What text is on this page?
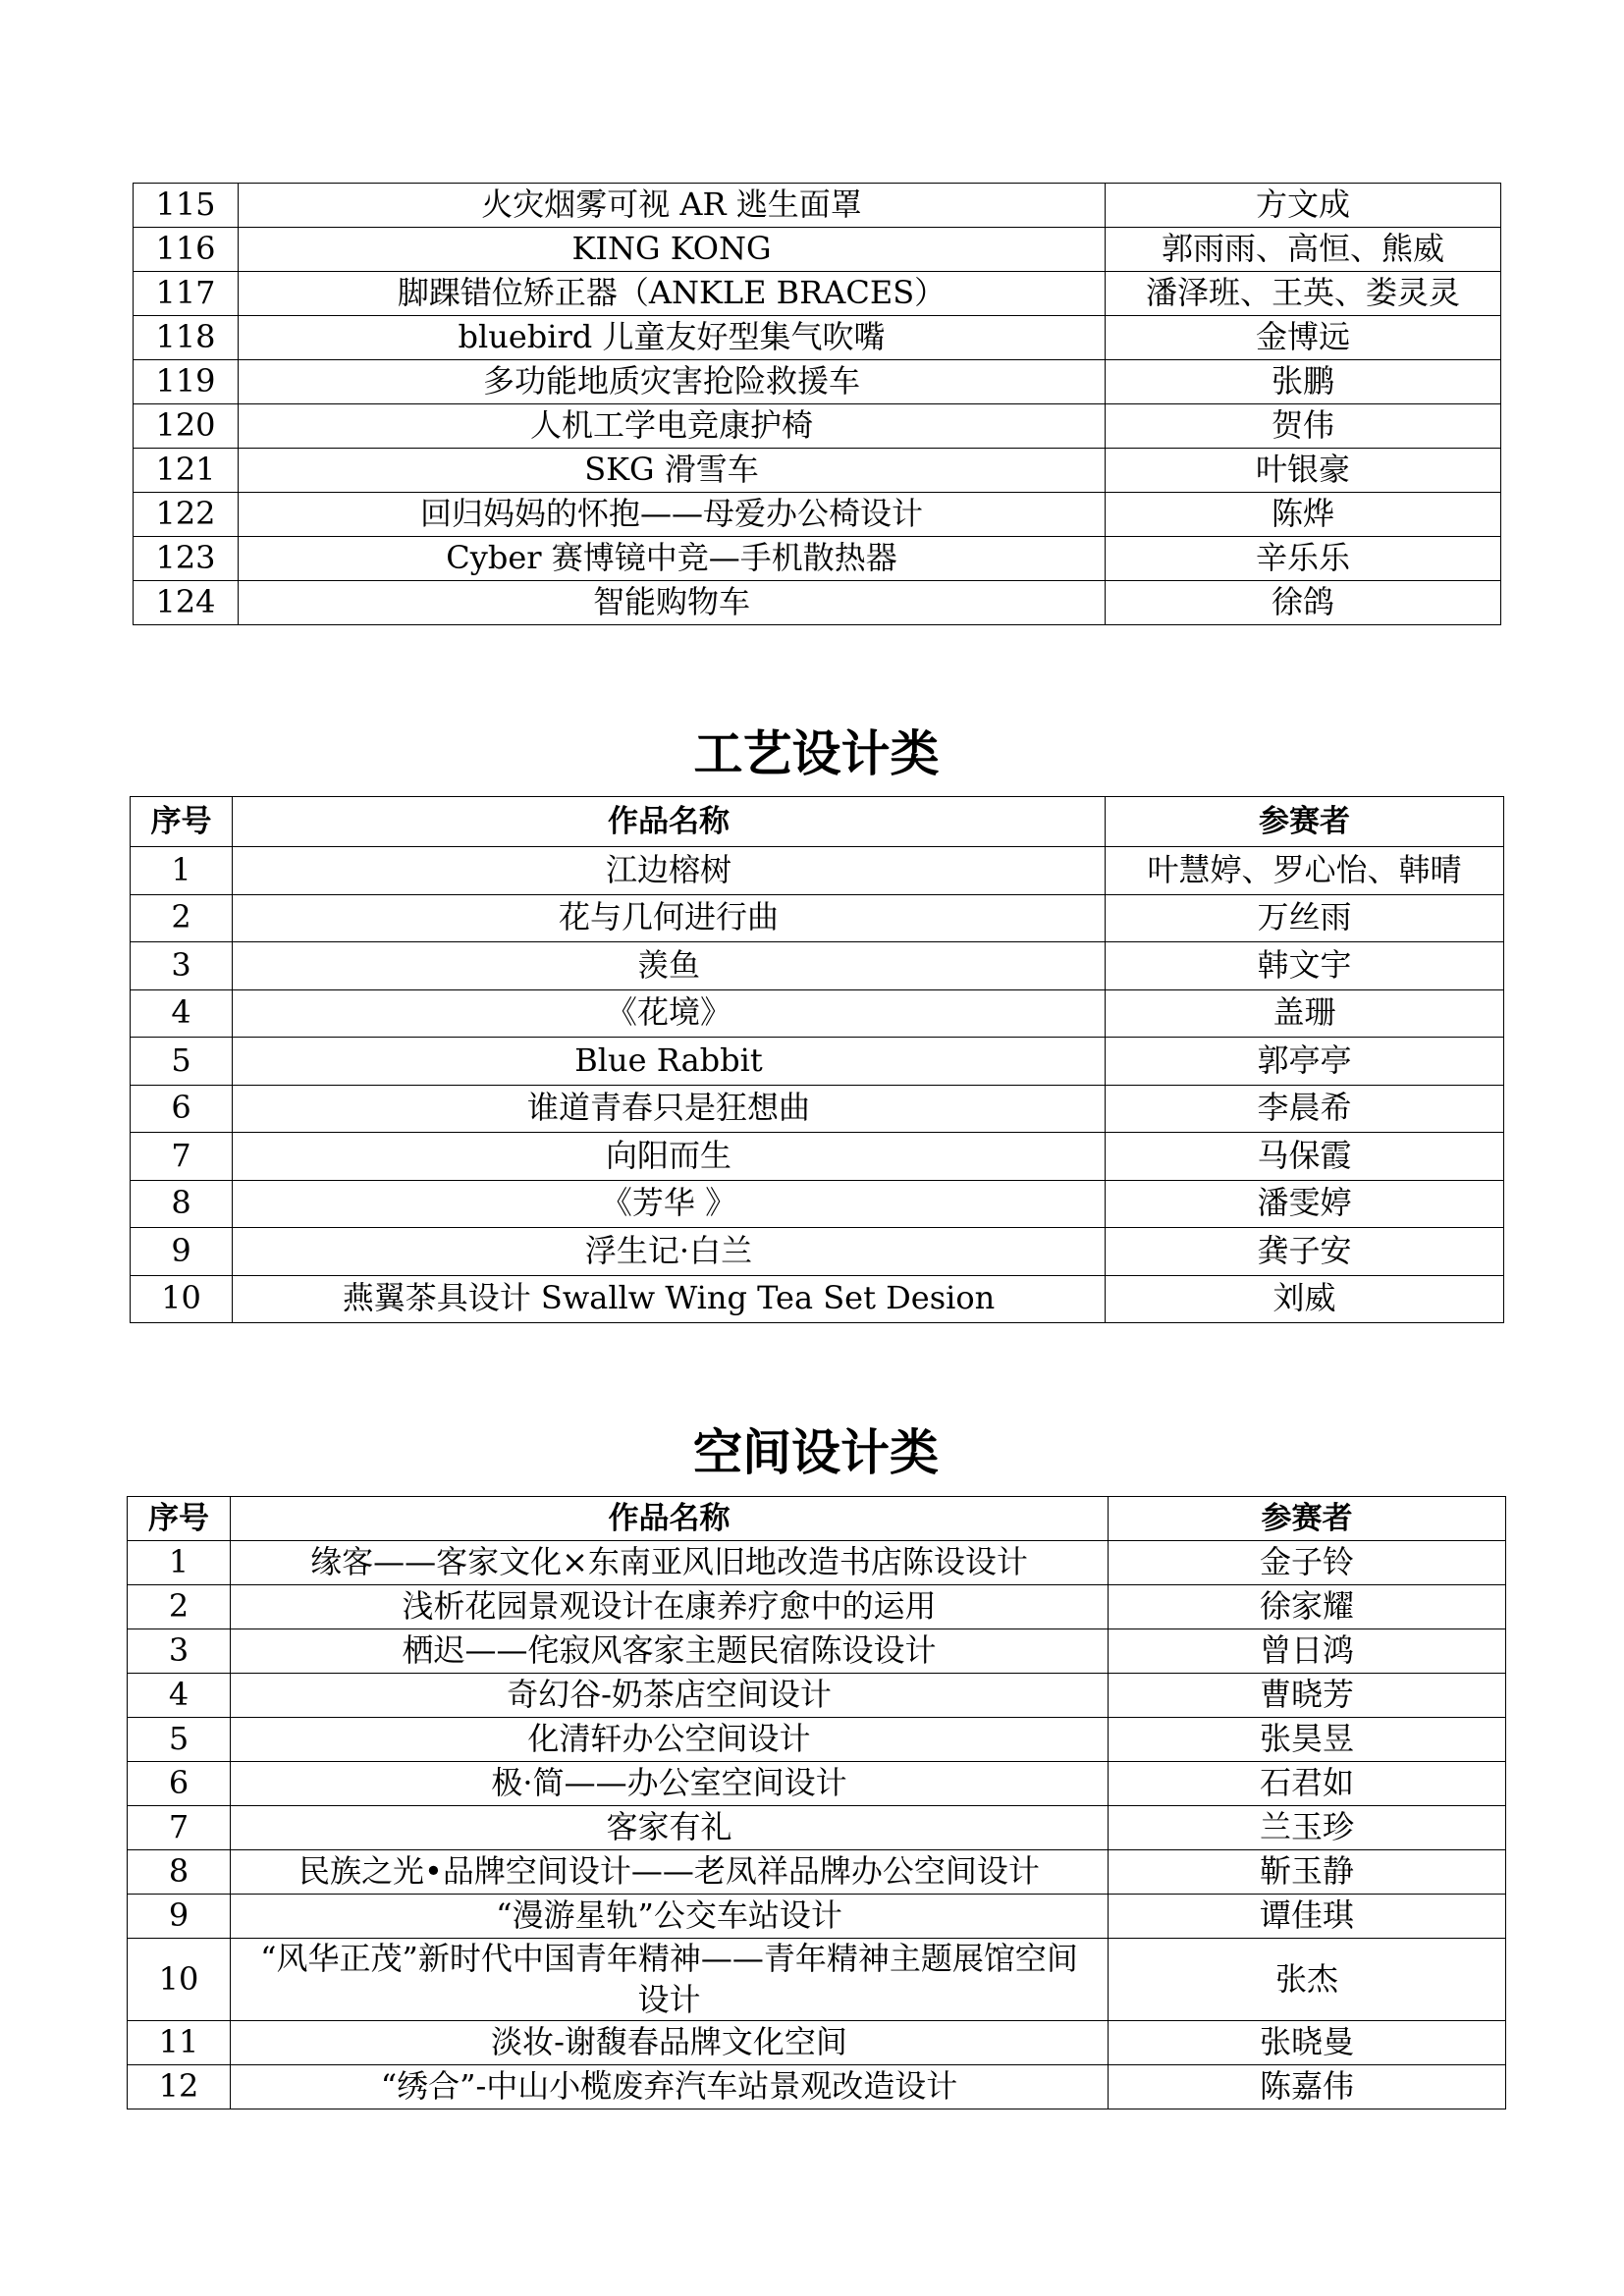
115	火灾烟雾可视 AR 逃生面罩	方文成
116	KING KONG	郭雨雨、高恒、熊威
117	脚踝错位矫正器（ANKLE BRACES）	潘泽班、王英、娄灵灵
118	bluebird 儿童友好型集气吹嘴	金博远
119	多功能地质灾害抢险救援车	张鹏
120	人机工学电竞康护椅	贺伟
121	SKG 滑雪车	叶银豪
122	回归妈妈的怀抱——母爱办公椅设计	陈烨
123	Cyber 赛博镜中竞—手机散热器	辛乐乐
124	智能购物车	徐鸽
工艺设计类
序号	作品名称	参赛者
1	江边榕树	叶慧婷、罗心怡、韩晴
2	花与几何进行曲	万丝雨
3	羡鱼	韩文宇
4	《花境》	盖珊
5	Blue Rabbit	郭亭亭
6	谁道青春只是狂想曲	李晨希
7	向阳而生	马保霞
8	《芳华 》	潘雯婷
9	浮生记·白兰	龚子安
10	燕翼茶具设计 Swallw Wing Tea Set Desion	刘威
空间设计类
序号	作品名称	参赛者
1	缘客——客家文化×东南亚风旧地改造书店陈设设计	金子铃
2	浅析花园景观设计在康养疗愈中的运用	徐家耀
3	栖迟——侘寂风客家主题民宿陈设设计	曾日鸿
4	奇幻谷-奶茶店空间设计	曹晓芳
5	化清轩办公空间设计	张昊昱
6	极·简——办公室空间设计	石君如
7	客家有礼	兰玉珍
8	民族之光•品牌空间设计——老凤祥品牌办公空间设计	靳玉静
9	“漫游星轨”公交车站设计	谭佳琪
10	“风华正茂”新时代中国青年精神——青年精神主题展馆空间设计	张杰
11	淡妆-谢馥春品牌文化空间	张晓曼
12	“绣合”-中山小榄废弃汽车站景观改造设计	陈嘉伟
